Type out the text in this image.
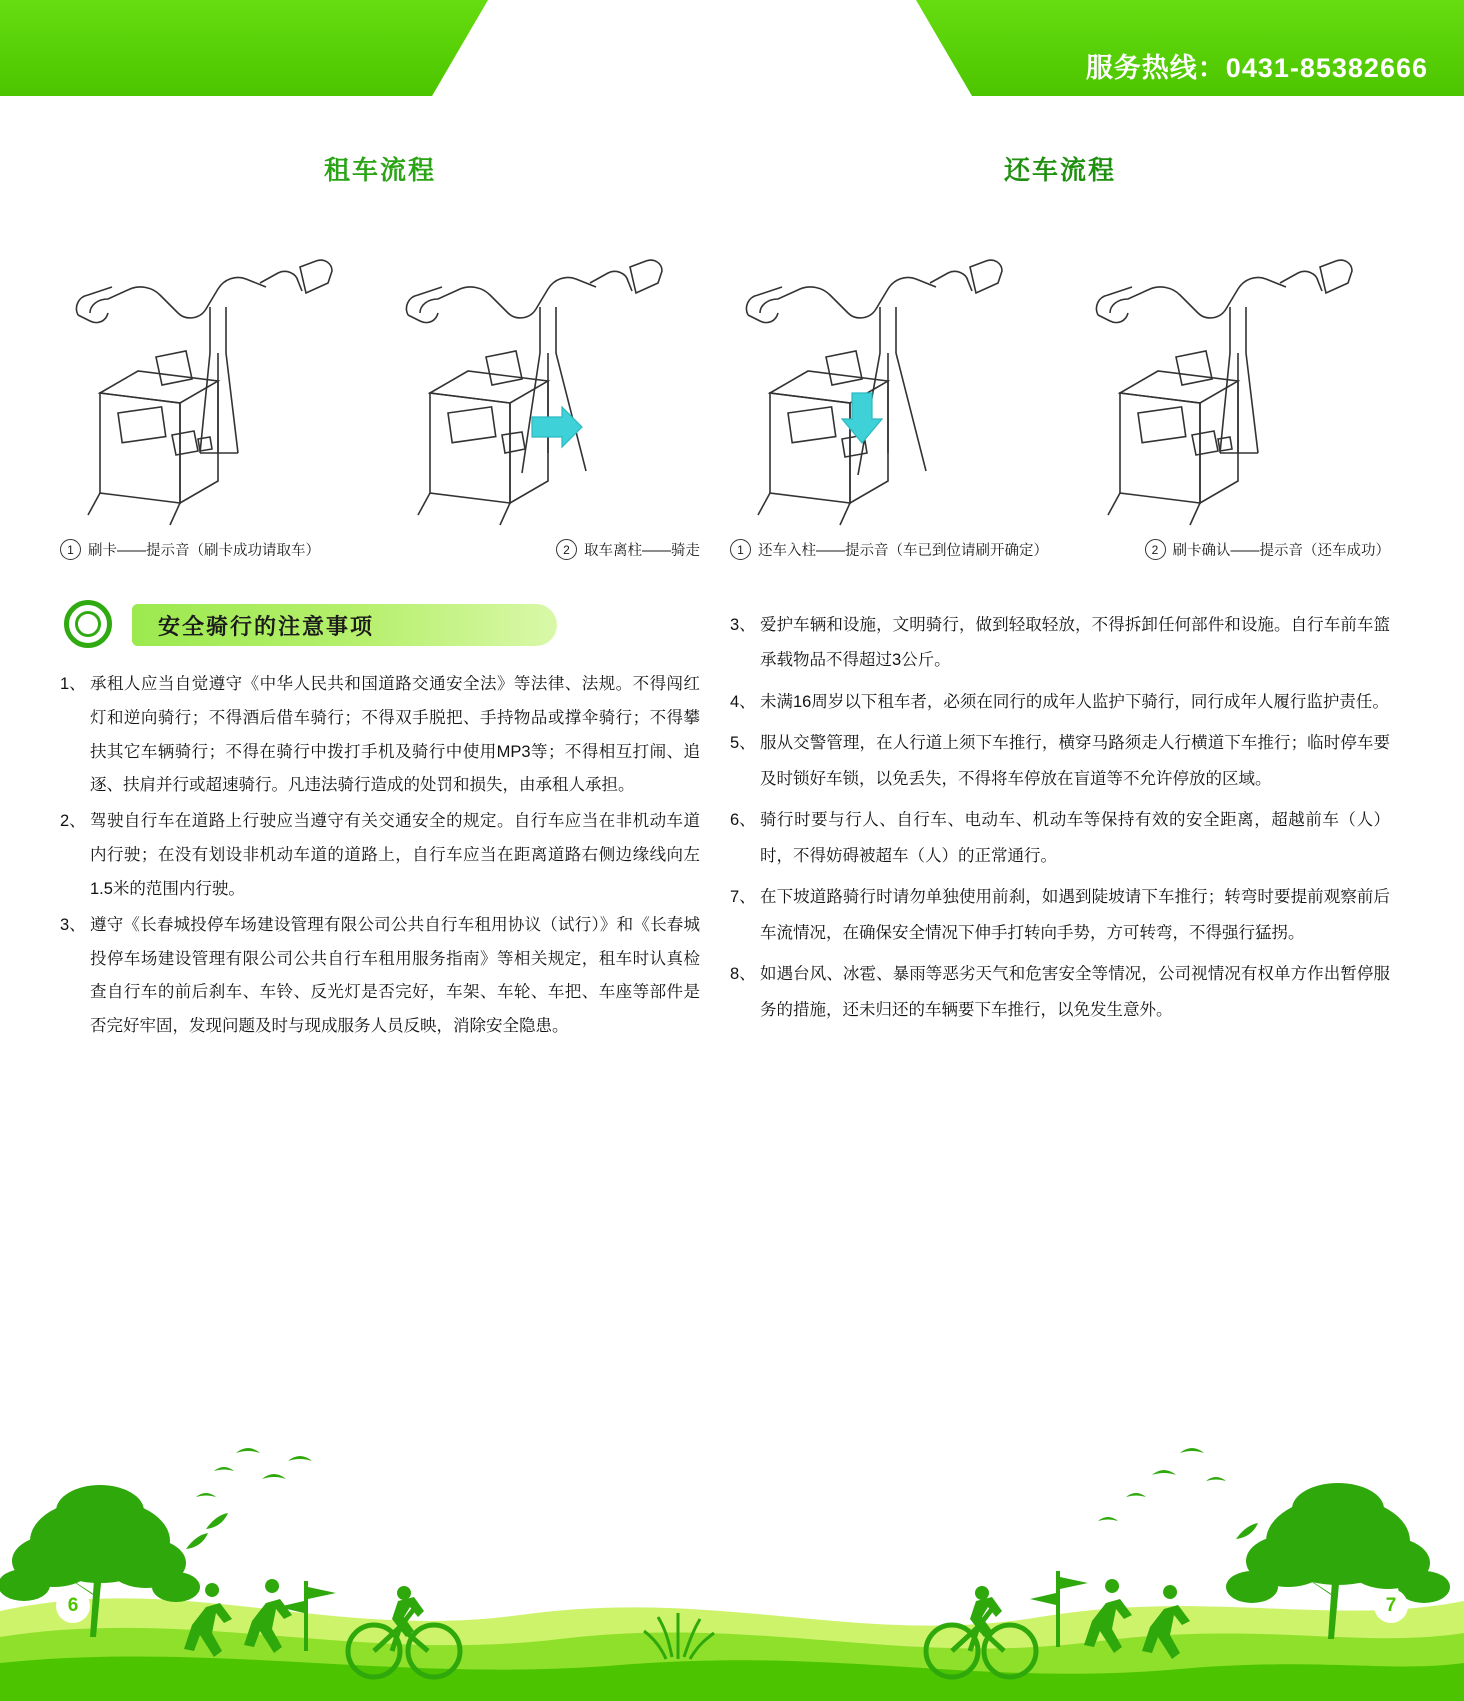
服务热线：0431-85382666
租车流程
1 刷卡——提示音（刷卡成功请取车）	2 取车离柱——骑走
安全骑行的注意事项
1、 承租人应当自觉遵守《中华人民共和国道路交通安全法》等法律、法规。不得闯红灯和逆向骑行；不得酒后借车骑行；不得双手脱把、手持物品或撑伞骑行；不得攀扶其它车辆骑行；不得在骑行中拨打手机及骑行中使用MP3等；不得相互打闹、追逐、扶肩并行或超速骑行。凡违法骑行造成的处罚和损失，由承租人承担。
2、 驾驶自行车在道路上行驶应当遵守有关交通安全的规定。自行车应当在非机动车道内行驶；在没有划设非机动车道的道路上，自行车应当在距离道路右侧边缘线向左1.5米的范围内行驶。
3、 遵守《长春城投停车场建设管理有限公司公共自行车租用协议（试行）》和《长春城投停车场建设管理有限公司公共自行车租用服务指南》等相关规定，租车时认真检查自行车的前后刹车、车铃、反光灯是否完好，车架、车轮、车把、车座等部件是否完好牢固，发现问题及时与现成服务人员反映，消除安全隐患。
还车流程
1 还车入柱——提示音（车已到位请刷开确定）	2 刷卡确认——提示音（还车成功）
3、 爱护车辆和设施，文明骑行，做到轻取轻放，不得拆卸任何部件和设施。自行车前车篮承载物品不得超过3公斤。
4、 未满16周岁以下租车者，必须在同行的成年人监护下骑行，同行成年人履行监护责任。
5、 服从交警管理，在人行道上须下车推行，横穿马路须走人行横道下车推行；临时停车要及时锁好车锁，以免丢失，不得将车停放在盲道等不允许停放的区域。
6、 骑行时要与行人、自行车、电动车、机动车等保持有效的安全距离，超越前车（人）时，不得妨碍被超车（人）的正常通行。
7、 在下坡道路骑行时请勿单独使用前刹，如遇到陡坡请下车推行；转弯时要提前观察前后车流情况，在确保安全情况下伸手打转向手势，方可转弯，不得强行猛拐。
8、 如遇台风、冰雹、暴雨等恶劣天气和危害安全等情况，公司视情况有权单方作出暂停服务的措施，还未归还的车辆要下车推行，以免发生意外。
6	7
